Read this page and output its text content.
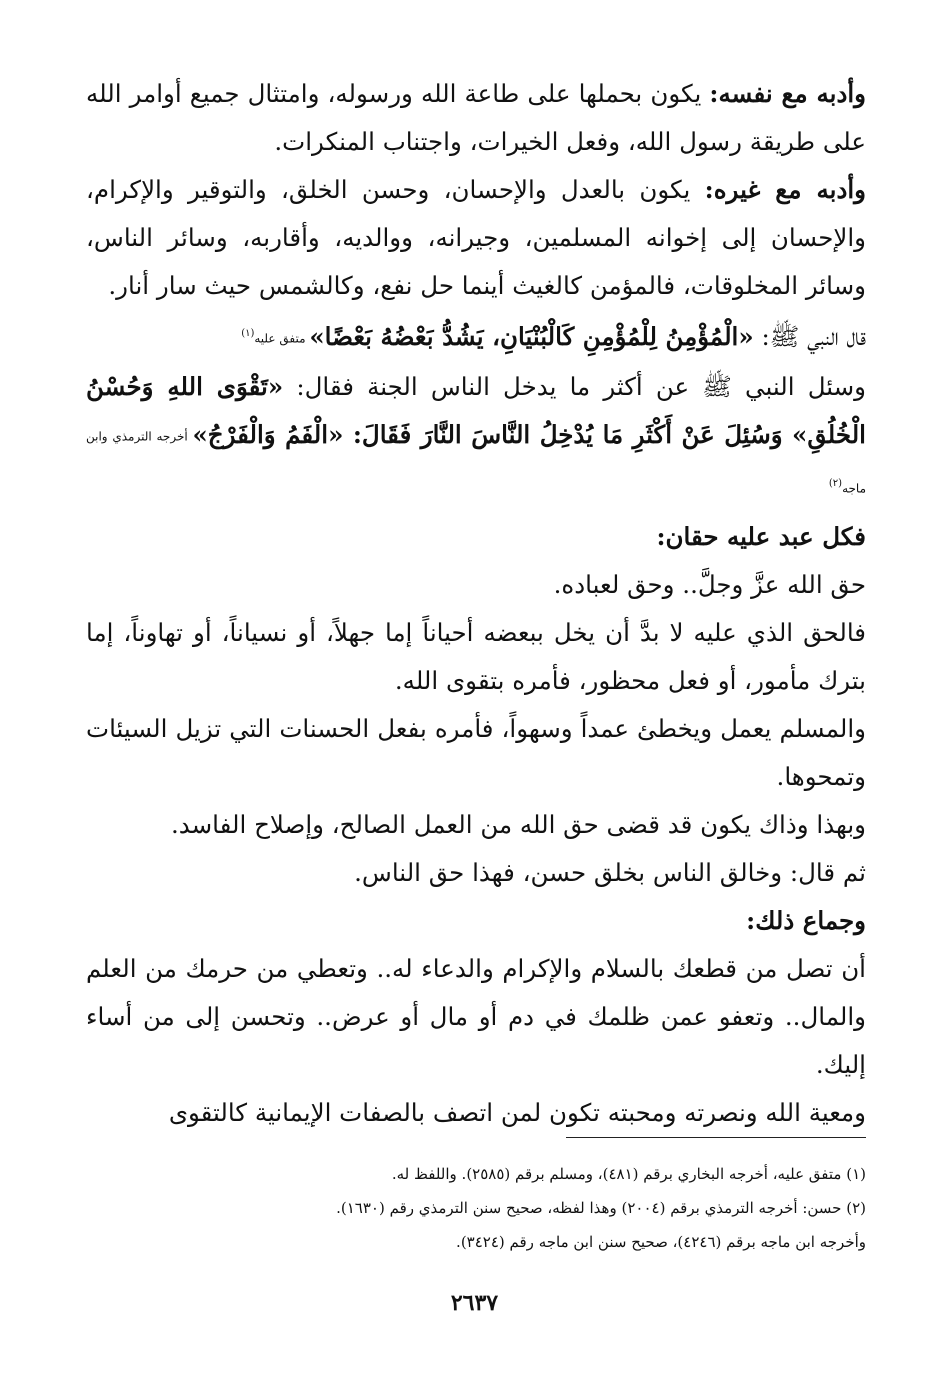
وأدبه مع نفسه: يكون بحملها على طاعة الله ورسوله، وامتثال جميع أوامر الله على طريقة رسول الله، وفعل الخيرات، واجتناب المنكرات.

وأدبه مع غيره: يكون بالعدل والإحسان، وحسن الخلق، والتوقير والإكرام، والإحسان إلى إخوانه المسلمين، وجيرانه، ووالديه، وأقاربه، وسائر الناس، وسائر المخلوقات، فالمؤمن كالغيث أينما حل نفع، وكالشمس حيث سار أنار.

قال النبي ﷺ: «الْمُؤْمِنُ لِلْمُؤْمِنِ كَالْبُنْيَانِ، يَشُدُّ بَعْضُهُ بَعْضًا» متفق عليه$^{(١)}$

وسئل النبي ﷺ عن أكثر ما يدخل الناس الجنة فقال: «تَقْوَى اللهِ وَحُسْنُ الْخُلُقِ» وَسُئِلَ عَنْ أَكْثَرِ مَا يُدْخِلُ النَّاسَ النَّارَ فَقَالَ: «الْفَمُ وَالْفَرْجُ» أخرجه الترمذي وابن ماجه$^{(٢)}$

فكل عبد عليه حقان:

حق الله عزَّ وجلَّ.. وحق لعباده.

فالحق الذي عليه لا بدَّ أن يخل ببعضه أحياناً إما جهلاً، أو نسياناً، أو تهاوناً، إما بترك مأمور، أو فعل محظور، فأمره بتقوى الله.

والمسلم يعمل ويخطئ عمداً وسهواً، فأمره بفعل الحسنات التي تزيل السيئات وتمحوها.

وبهذا وذاك يكون قد قضى حق الله من العمل الصالح، وإصلاح الفاسد.

ثم قال: وخالق الناس بخلق حسن، فهذا حق الناس.

وجماع ذلك:

أن تصل من قطعك بالسلام والإكرام والدعاء له.. وتعطي من حرمك من العلم والمال.. وتعفو عمن ظلمك في دم أو مال أو عرض.. وتحسن إلى من أساء إليك.

ومعية الله ونصرته ومحبته تكون لمن اتصف بالصفات الإيمانية كالتقوى

(١) متفق عليه، أخرجه البخاري برقم (٤٨١)، ومسلم برقم (٢٥٨٥). واللفظ له.

(٢) حسن: أخرجه الترمذي برقم (٢٠٠٤) وهذا لفظه، صحيح سنن الترمذي رقم (١٦٣٠).

وأخرجه ابن ماجه برقم (٤٢٤٦)، صحيح سنن ابن ماجه رقم (٣٤٢٤).

٢٦٣٧
